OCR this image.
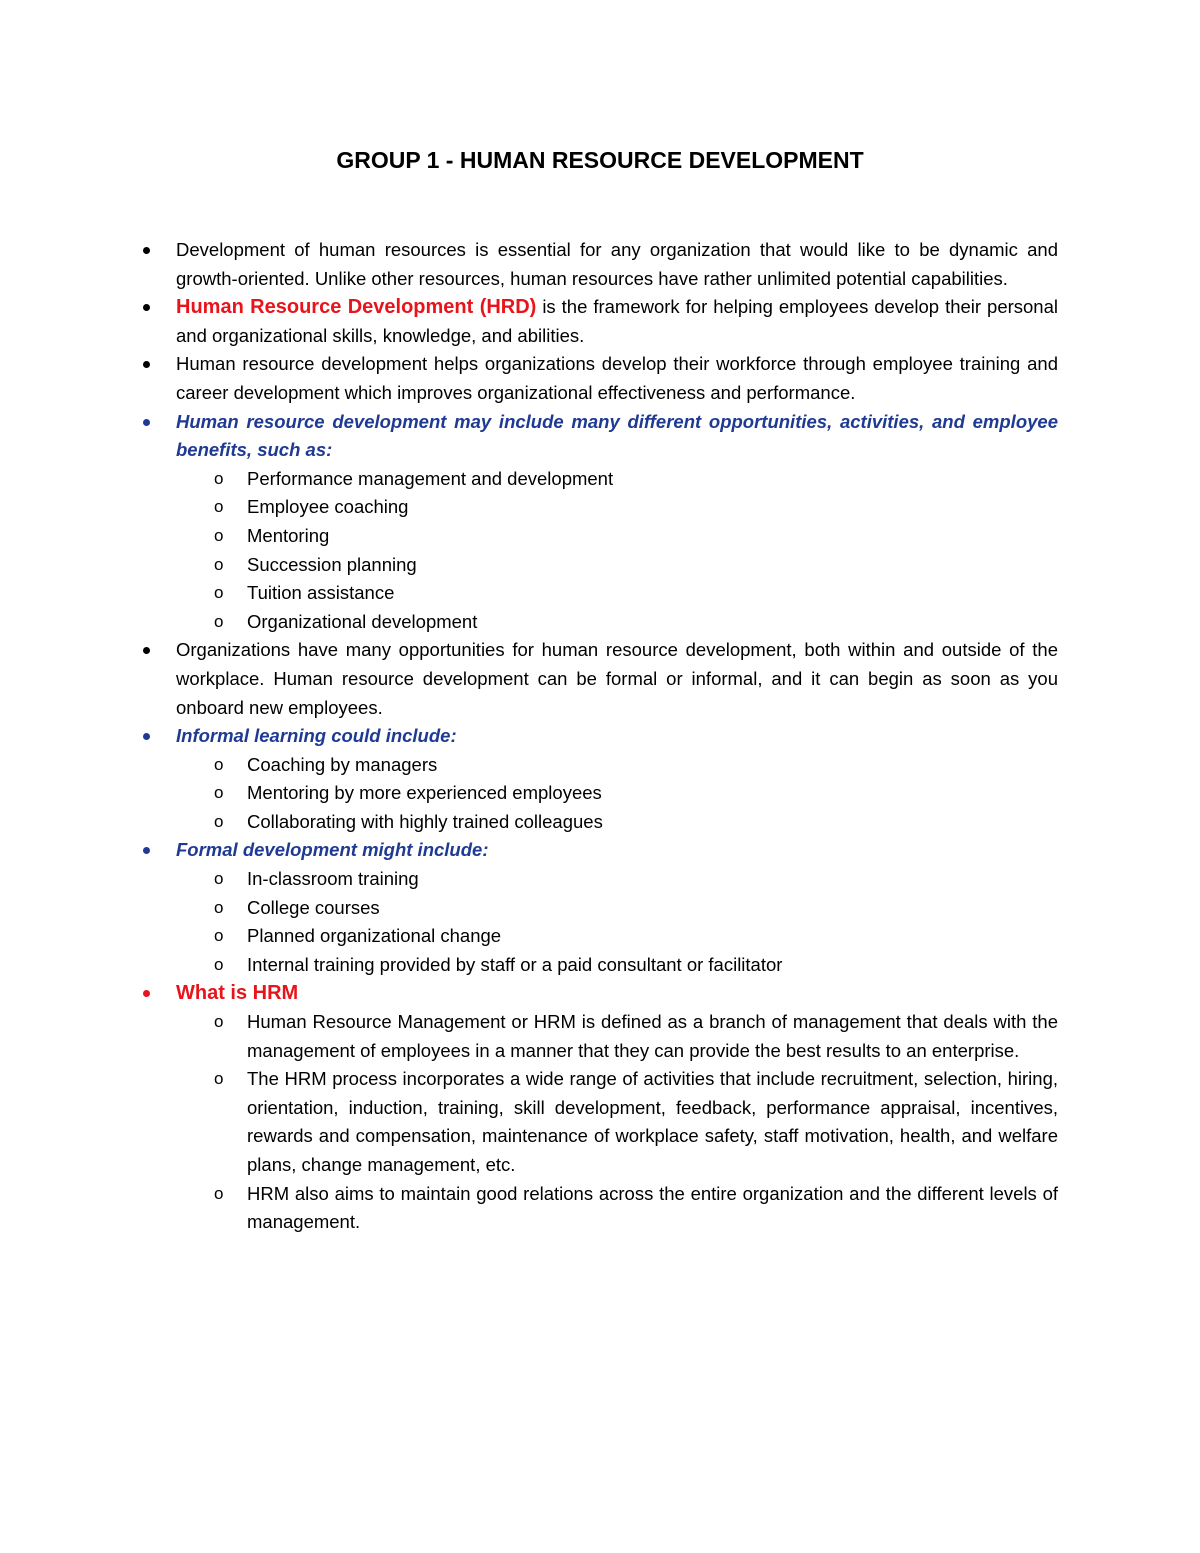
GROUP 1 - HUMAN RESOURCE DEVELOPMENT
Development of human resources is essential for any organization that would like to be dynamic and growth-oriented. Unlike other resources, human resources have rather unlimited potential capabilities.
Human Resource Development (HRD) is the framework for helping employees develop their personal and organizational skills, knowledge, and abilities.
Human resource development helps organizations develop their workforce through employee training and career development which improves organizational effectiveness and performance.
Human resource development may include many different opportunities, activities, and employee benefits, such as:
o Performance management and development
o Employee coaching
o Mentoring
o Succession planning
o Tuition assistance
o Organizational development
Organizations have many opportunities for human resource development, both within and outside of the workplace. Human resource development can be formal or informal, and it can begin as soon as you onboard new employees.
Informal learning could include:
o Coaching by managers
o Mentoring by more experienced employees
o Collaborating with highly trained colleagues
Formal development might include:
o In-classroom training
o College courses
o Planned organizational change
o Internal training provided by staff or a paid consultant or facilitator
What is HRM
o Human Resource Management or HRM is defined as a branch of management that deals with the management of employees in a manner that they can provide the best results to an enterprise.
o The HRM process incorporates a wide range of activities that include recruitment, selection, hiring, orientation, induction, training, skill development, feedback, performance appraisal, incentives, rewards and compensation, maintenance of workplace safety, staff motivation, health, and welfare plans, change management, etc.
o HRM also aims to maintain good relations across the entire organization and the different levels of management.
